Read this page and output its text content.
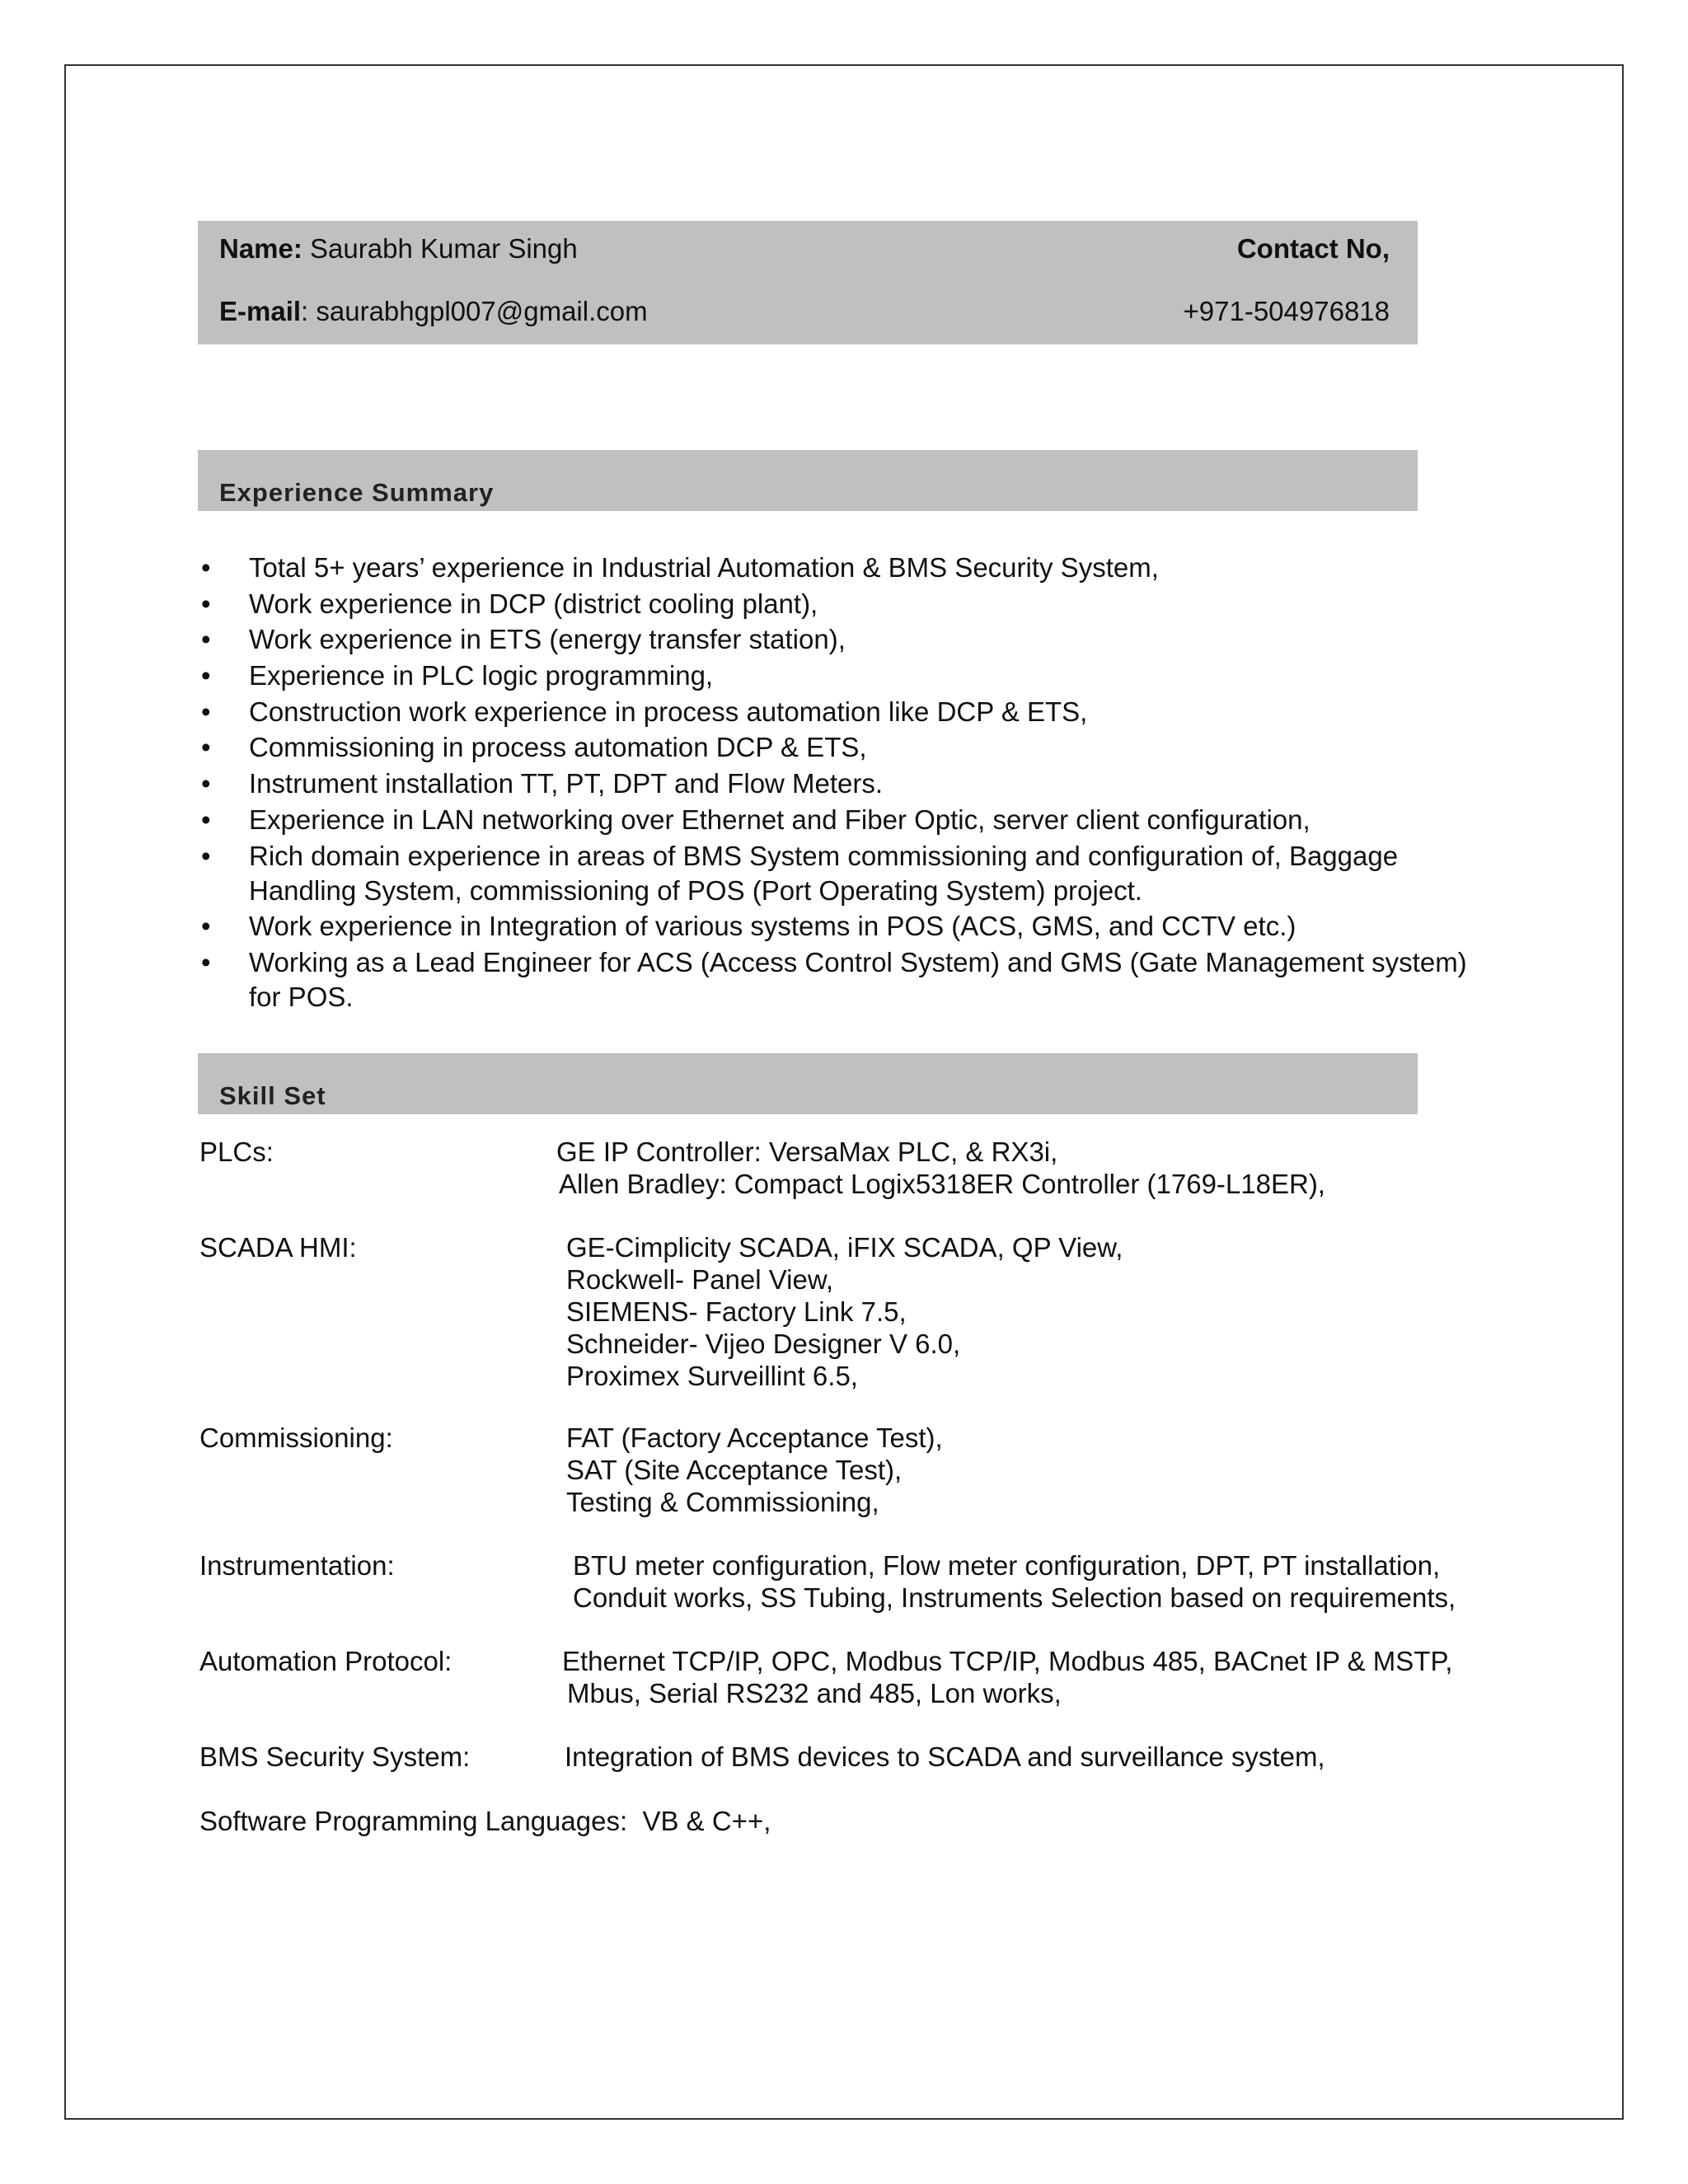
Name: Saurabh Kumar Singh	Contact No,
E-mail: saurabhgpl007@gmail.com	+971-504976818
Experience Summary
• Total 5+ years’ experience in Industrial Automation & BMS Security System,
• Work experience in DCP (district cooling plant),
• Work experience in ETS (energy transfer station),
• Experience in PLC logic programming,
• Construction work experience in process automation like DCP & ETS,
• Commissioning in process automation DCP & ETS,
• Instrument installation TT, PT, DPT and Flow Meters.
• Experience in LAN networking over Ethernet and Fiber Optic, server client configuration,
• Rich domain experience in areas of BMS System commissioning and configuration of, Baggage
Handling System, commissioning of POS (Port Operating System) project.
• Work experience in Integration of various systems in POS (ACS, GMS, and CCTV etc.)
• Working as a Lead Engineer for ACS (Access Control System) and GMS (Gate Management system)
for POS.
Skill Set
PLCs:	GE IP Controller: VersaMax PLC, & RX3i,
Allen Bradley: Compact Logix5318ER Controller (1769-L18ER),
SCADA HMI:	GE-Cimplicity SCADA, iFIX SCADA, QP View,
Rockwell- Panel View,
SIEMENS- Factory Link 7.5,
Schneider- Vijeo Designer V 6.0,
Proximex Surveillint 6.5,
Commissioning:	FAT (Factory Acceptance Test),
SAT (Site Acceptance Test),
Testing & Commissioning,
Instrumentation:	BTU meter configuration, Flow meter configuration, DPT, PT installation,
Conduit works, SS Tubing, Instruments Selection based on requirements,
Automation Protocol:	Ethernet TCP/IP, OPC, Modbus TCP/IP, Modbus 485, BACnet IP & MSTP,
Mbus, Serial RS232 and 485, Lon works,
BMS Security System:	Integration of BMS devices to SCADA and surveillance system,
Software Programming Languages: VB & C++,
